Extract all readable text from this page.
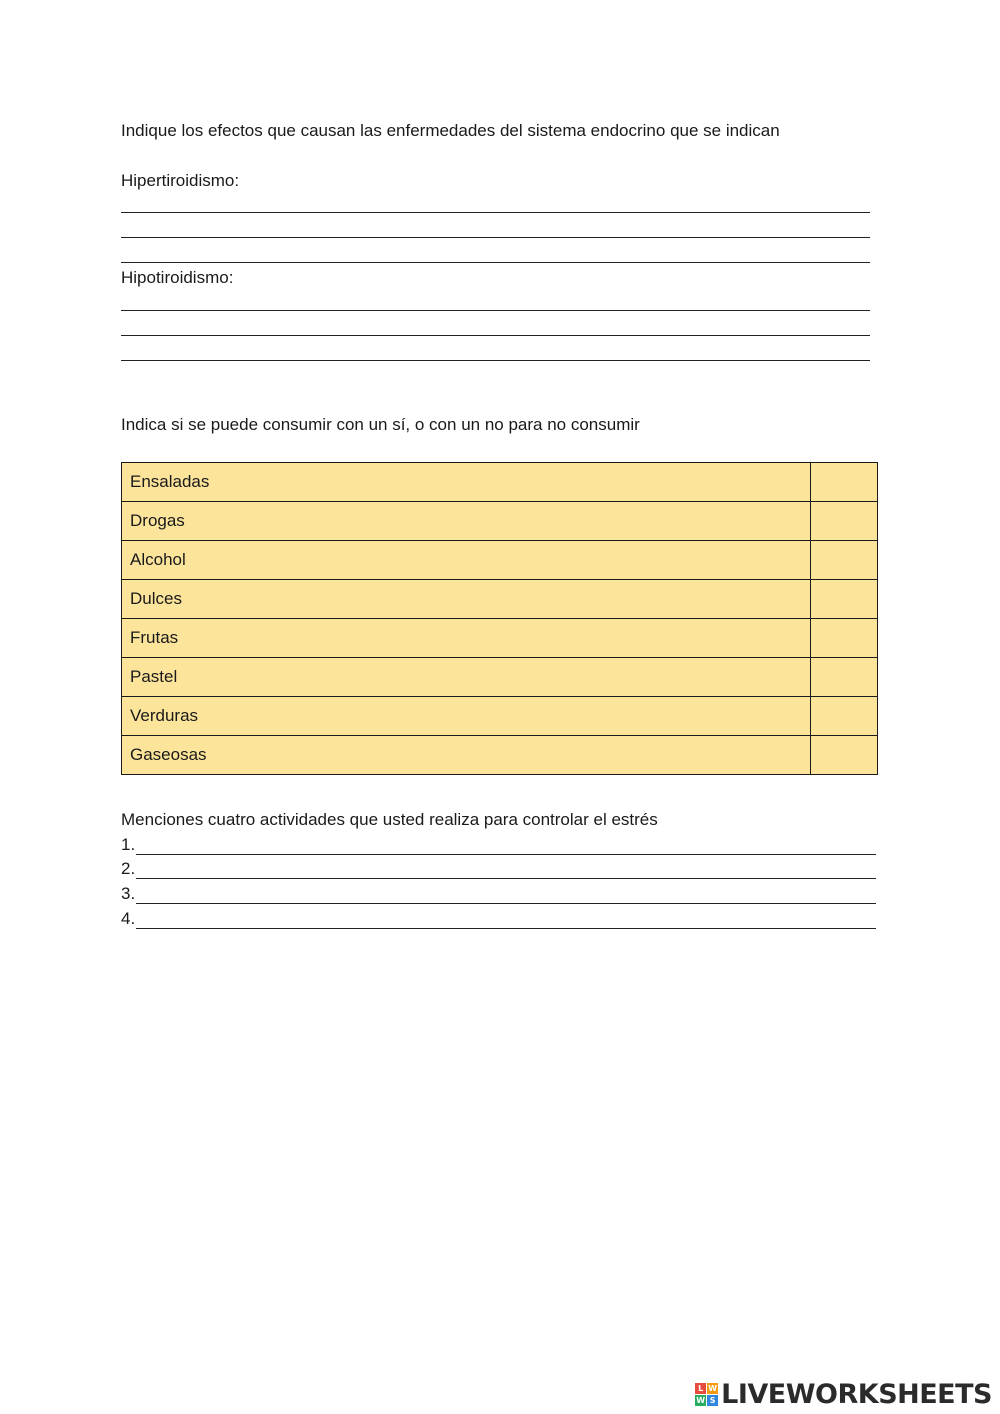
Indique los efectos que causan las enfermedades del sistema endocrino que se indican
Hipertiroidismo:
Hipotiroidismo:
Indica si se puede consumir con un sí, o con un no para no consumir
Ensaladas	
Drogas	
Alcohol	
Dulces	
Frutas	
Pastel	
Verduras	
Gaseosas	
Menciones cuatro actividades que usted realiza para controlar el estrés
1.
2.
3.
4.
L W
W S LIVEWORKSHEETS
